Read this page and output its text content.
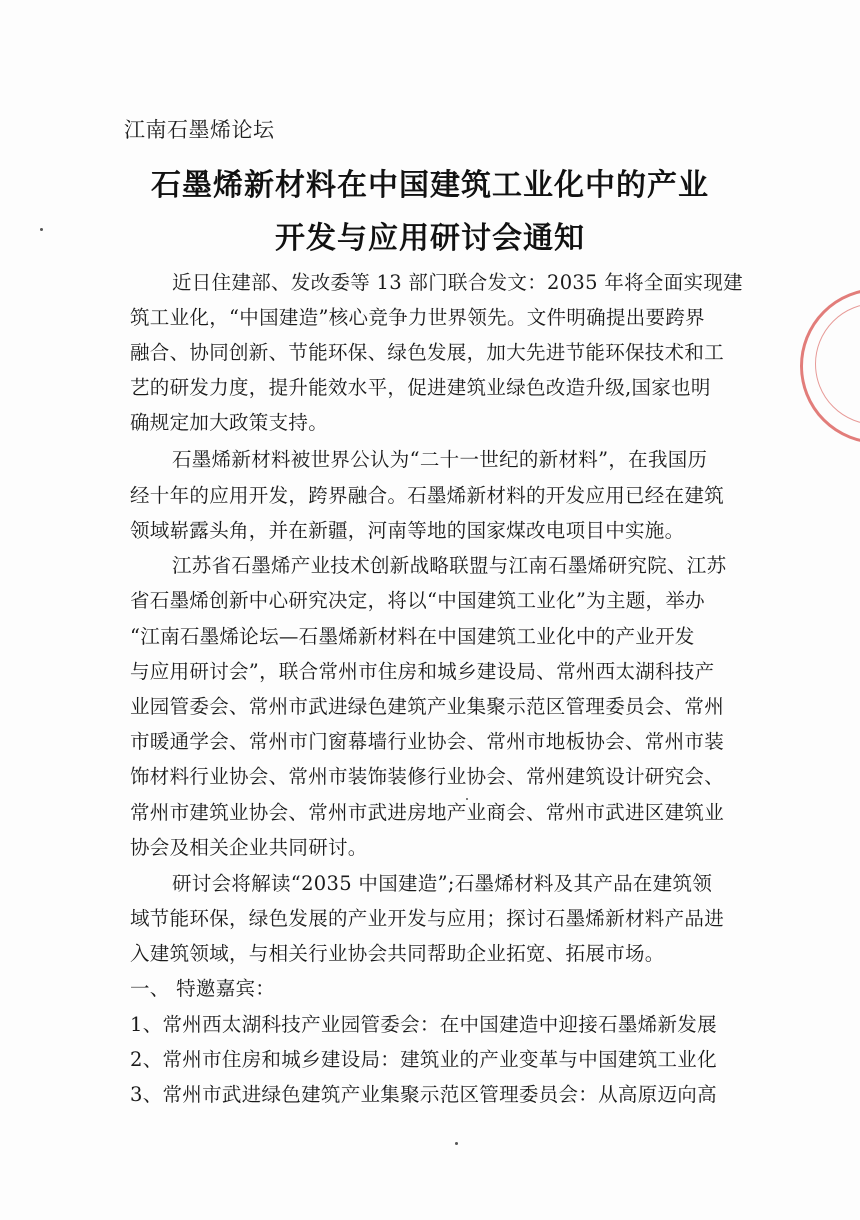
江南石墨烯论坛
石墨烯新材料在中国建筑工业化中的产业
开发与应用研讨会通知
近日住建部、发改委等 13 部门联合发文：2035 年将全面实现建
筑工业化，“中国建造”核心竞争力世界领先。文件明确提出要跨界
融合、协同创新、节能环保、绿色发展，加大先进节能环保技术和工
艺的研发力度，提升能效水平，促进建筑业绿色改造升级,国家也明
确规定加大政策支持。
石墨烯新材料被世界公认为“二十一世纪的新材料”，在我国历
经十年的应用开发，跨界融合。石墨烯新材料的开发应用已经在建筑
领域崭露头角，并在新疆，河南等地的国家煤改电项目中实施。
江苏省石墨烯产业技术创新战略联盟与江南石墨烯研究院、江苏
省石墨烯创新中心研究决定，将以“中国建筑工业化”为主题，举办
“江南石墨烯论坛—石墨烯新材料在中国建筑工业化中的产业开发
与应用研讨会”，联合常州市住房和城乡建设局、常州西太湖科技产
业园管委会、常州市武进绿色建筑产业集聚示范区管理委员会、常州
市暖通学会、常州市门窗幕墙行业协会、常州市地板协会、常州市装
饰材料行业协会、常州市装饰装修行业协会、常州建筑设计研究会、
常州市建筑业协会、常州市武进房地产业商会、常州市武进区建筑业
协会及相关企业共同研讨。
研讨会将解读“2035 中国建造”;石墨烯材料及其产品在建筑领
域节能环保，绿色发展的产业开发与应用；探讨石墨烯新材料产品进
入建筑领域，与相关行业协会共同帮助企业拓宽、拓展市场。
一、 特邀嘉宾：
1、常州西太湖科技产业园管委会：在中国建造中迎接石墨烯新发展
2、常州市住房和城乡建设局：建筑业的产业变革与中国建筑工业化
3、常州市武进绿色建筑产业集聚示范区管理委员会：从高原迈向高
